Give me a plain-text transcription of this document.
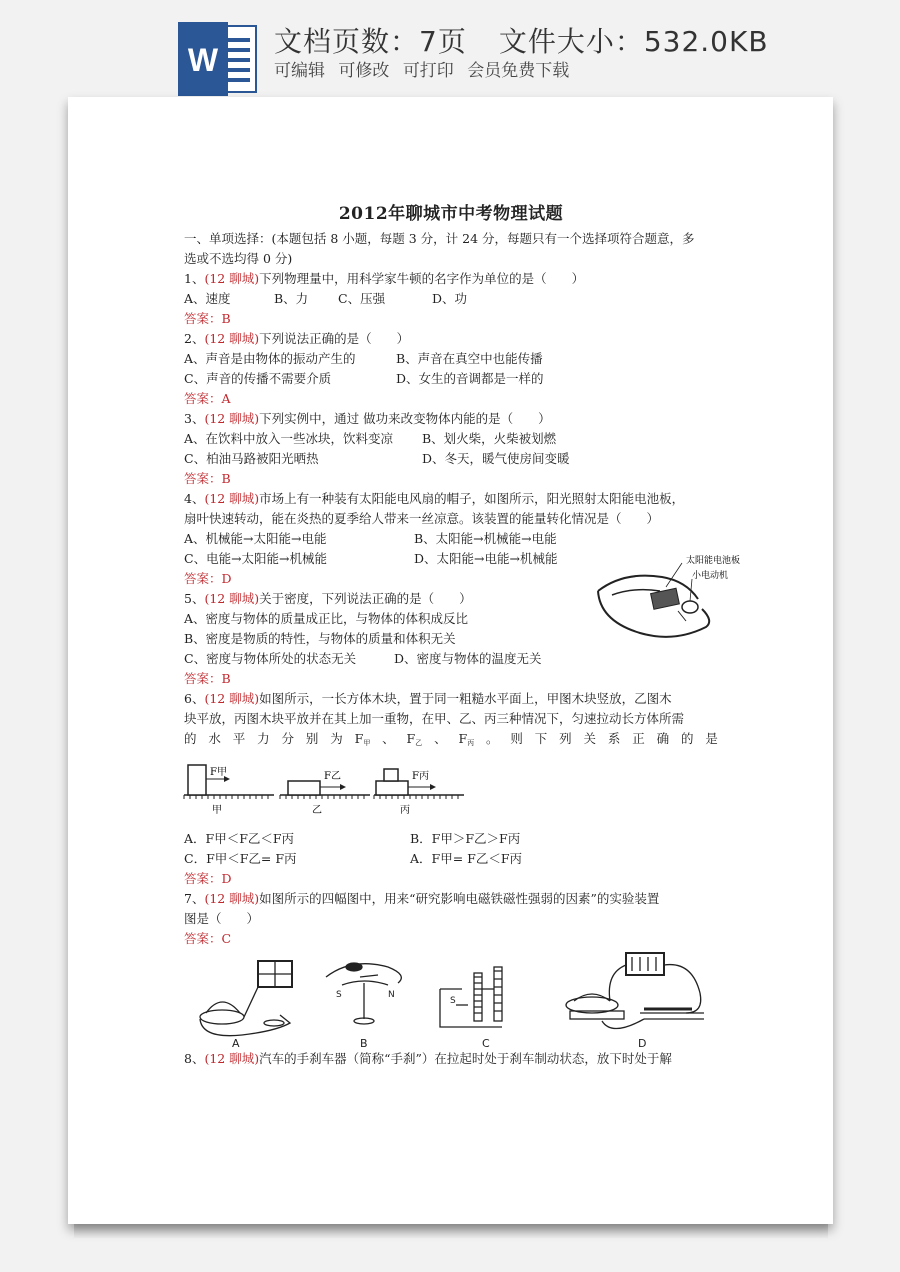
W
文档页数：7页 文件大小：532.0KB
可编辑 可修改 可打印 会员免费下载
2012年聊城市中考物理试题
一、单项选择：(本题包括 8 小题，每题 3 分，计 24 分，每题只有一个选择项符合题意，多
选或不选均得 0 分)
1、(12 聊城)下列物理量中，用科学家牛顿的名字作为单位的是（　　）
A、速度	B、力 C、压强	D、功
答案：B
2、(12 聊城)下列说法正确的是（　　）
A、声音是由物体的振动产生的	B、声音在真空中也能传播
C、声音的传播不需要介质	D、女生的音调都是一样的
答案：A
3、(12 聊城)下列实例中，通过 做功来改变物体内能的是（　　）
A、在饮料中放入一些冰块，饮料变凉 B、划火柴，火柴被划燃
C、柏油马路被阳光晒热	D、冬天，暖气使房间变暖
答案：B
4、(12 聊城)市场上有一种装有太阳能电风扇的帽子，如图所示，阳光照射太阳能电池板，
扇叶快速转动，能在炎热的夏季给人带来一丝凉意。该装置的能量转化情况是（　　）
A、机械能→太阳能→电能	B、太阳能→机械能→电能
C、电能→太阳能→机械能	D、太阳能→电能→机械能
答案：D
太阳能电池板
小电动机
5、(12 聊城)关于密度，下列说法正确的是（　　）
A、密度与物体的质量成正比，与物体的体积成反比
B、密度是物质的特性，与物体的质量和体积无关
C、密度与物体所处的状态无关	D、密度与物体的温度无关
答案：B
6、(12 聊城)如图所示，一长方体木块，置于同一粗糙水平面上，甲图木块竖放，乙图木
块平放，丙图木块平放并在其上加一重物，在甲、乙、丙三种情况下，匀速拉动长方体所需
的 水 平 力 分 别 为 $F_甲$ 、 $F_乙$ 、 $F_丙$ 。 则 下 列 关 系 正 确 的 是
F甲
甲
F乙
乙
F丙
丙
A．F甲＜F乙＜F丙	B．F甲＞F乙＞F丙
C．F甲＜F乙= F丙	A．F甲= F乙＜F丙
答案：D
7、(12 聊城)如图所示的四幅图中，用来“研究影响电磁铁磁性强弱的因素”的实验装置
图是（　　）
答案：C
A
S	N
B
S
C	D
8、(12 聊城)汽车的手刹车器（简称“手刹”）在拉起时处于刹车制动状态，放下时处于解
